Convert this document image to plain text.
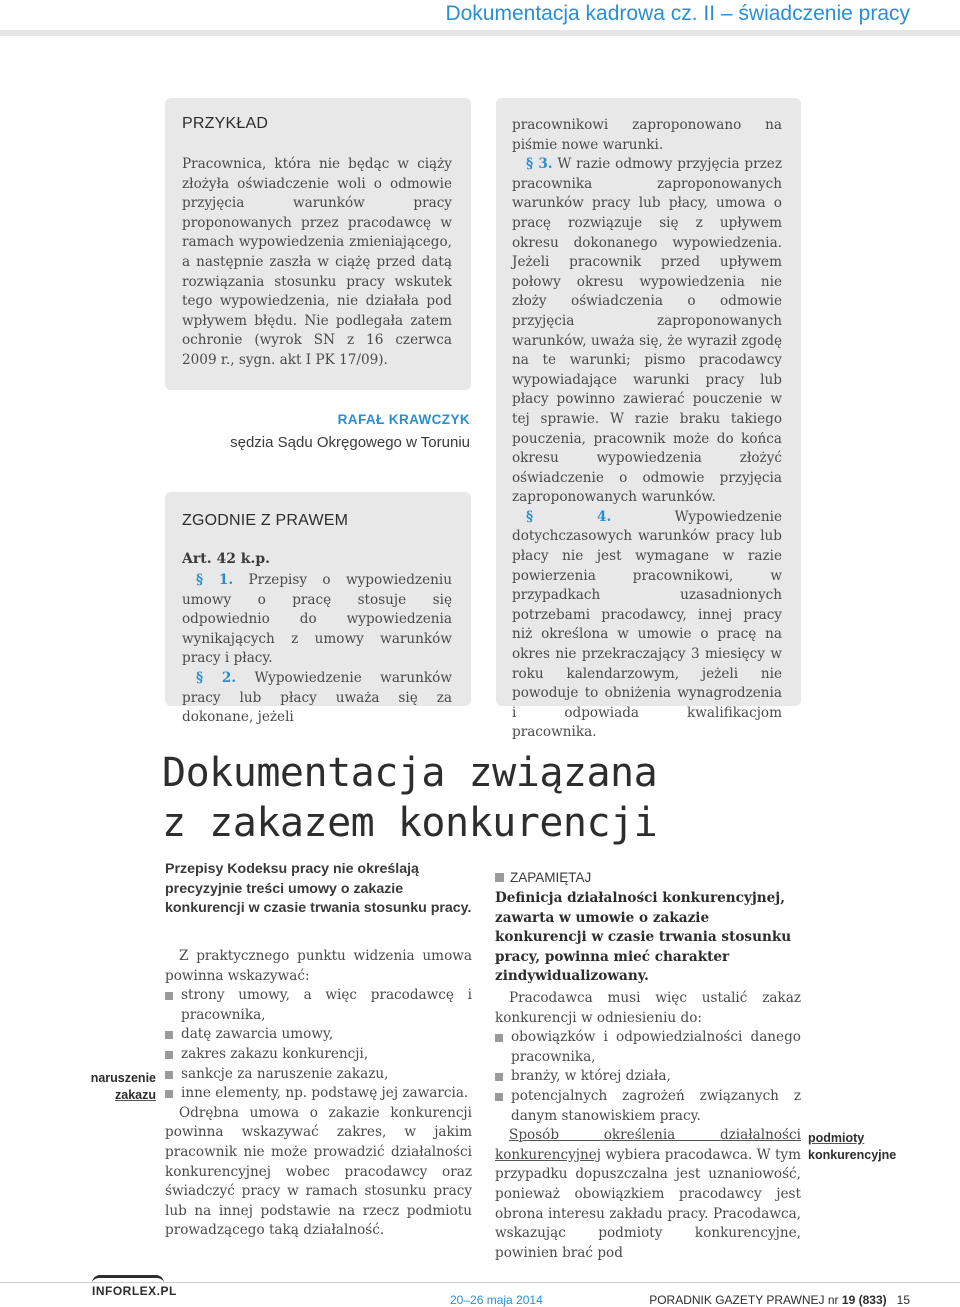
Dokumentacja kadrowa cz. II – świadczenie pracy
PRZYKŁAD

Pracownica, która nie będąc w ciąży złożyła oświadczenie woli o odmowie przyjęcia warunków pracy proponowanych przez pracodawcę w ramach wypowiedzenia zmieniającego, a następnie zaszła w ciążę przed datą rozwiązania stosunku pracy wskutek tego wypowiedzenia, nie działała pod wpływem błędu. Nie podlegała zatem ochronie (wyrok SN z 16 czerwca 2009 r., sygn. akt I PK 17/09).

RAFAŁ KRAWCZYK
sędzia Sądu Okręgowego w Toruniu
ZGODNIE Z PRAWEM
Art. 42 k.p.

§ 1. Przepisy o wypowiedzeniu umowy o pracę stosuje się odpowiednio do wypowiedzenia wynikających z umowy warunków pracy i płacy.

§ 2. Wypowiedzenie warunków pracy lub płacy uważa się za dokonane, jeżeli

pracownikowi zaproponowano na piśmie nowe warunki.

§ 3. W razie odmowy przyjęcia przez pracownika zaproponowanych warunków pracy lub płacy, umowa o pracę rozwiązuje się z upływem okresu dokonanego wypowiedzenia. Jeżeli pracownik przed upływem połowy okresu wypowiedzenia nie złoży oświadczenia o odmowie przyjęcia zaproponowanych warunków, uważa się, że wyraził zgodę na te warunki; pismo pracodawcy wypowiadające warunki pracy lub płacy powinno zawierać pouczenie w tej sprawie. W razie braku takiego pouczenia, pracownik może do końca okresu wypowiedzenia złożyć oświadczenie o odmowie przyjęcia zaproponowanych warunków.

§ 4.	Wypowiedzenie dotychczasowych warunków pracy lub płacy nie jest wymagane w razie powierzenia pracownikowi, w przypadkach uzasadnionych potrzebami pracodawcy, innej pracy niż określona w umowie o pracę na okres nie przekraczający 3 miesięcy w roku kalendarzowym, jeżeli nie powoduje to obniżenia wynagrodzenia i odpowiada kwalifikacjom pracownika.

Dokumentacja związana
z zakazem konkurencji
Przepisy Kodeksu pracy nie określają precyzyjnie treści umowy o zakazie konkurencji w czasie trwania stosunku pracy.

Z praktycznego punktu widzenia umowa powinna wskazywać:

strony umowy, a więc pracodawcę i pracownika,
datę zawarcia umowy,
zakres zakazu konkurencji,
sankcje za naruszenie zakazu,
inne elementy, np. podstawę jej zawarcia.

Odrębna umowa o zakazie konkurencji powinna wskazywać zakres, w jakim pracownik nie może prowadzić działalności konkurencyjnej wobec pracodawcy oraz świadczyć pracy w ramach stosunku pracy lub na innej podstawie na rzecz podmiotu prowadzącego taką działalność.

naruszenie
zakazu
ZAPAMIĘTAJ
Definicja działalności konkurencyjnej, zawarta w umowie o zakazie konkurencji w czasie trwania stosunku pracy, powinna mieć charakter zindywidualizowany.

Pracodawca musi więc ustalić zakaz konkurencji w odniesieniu do:

obowiązków i odpowiedzialności danego pracownika,
branży, w której działa,
potencjalnych zagrożeń związanych z danym stanowiskiem pracy.

Sposób określenia działalności konkurencyjnej wybiera pracodawca. W tym przypadku dopuszczalna jest uznaniowość, ponieważ obowiązkiem pracodawcy jest obrona interesu zakładu pracy. Pracodawca, wskazując podmioty konkurencyjne, powinien brać pod

podmioty
konkurencyjne
INFORLEX.PL
20–26 maja 2014	PORADNIK GAZETY PRAWNEJ nr 19 (833) 15
